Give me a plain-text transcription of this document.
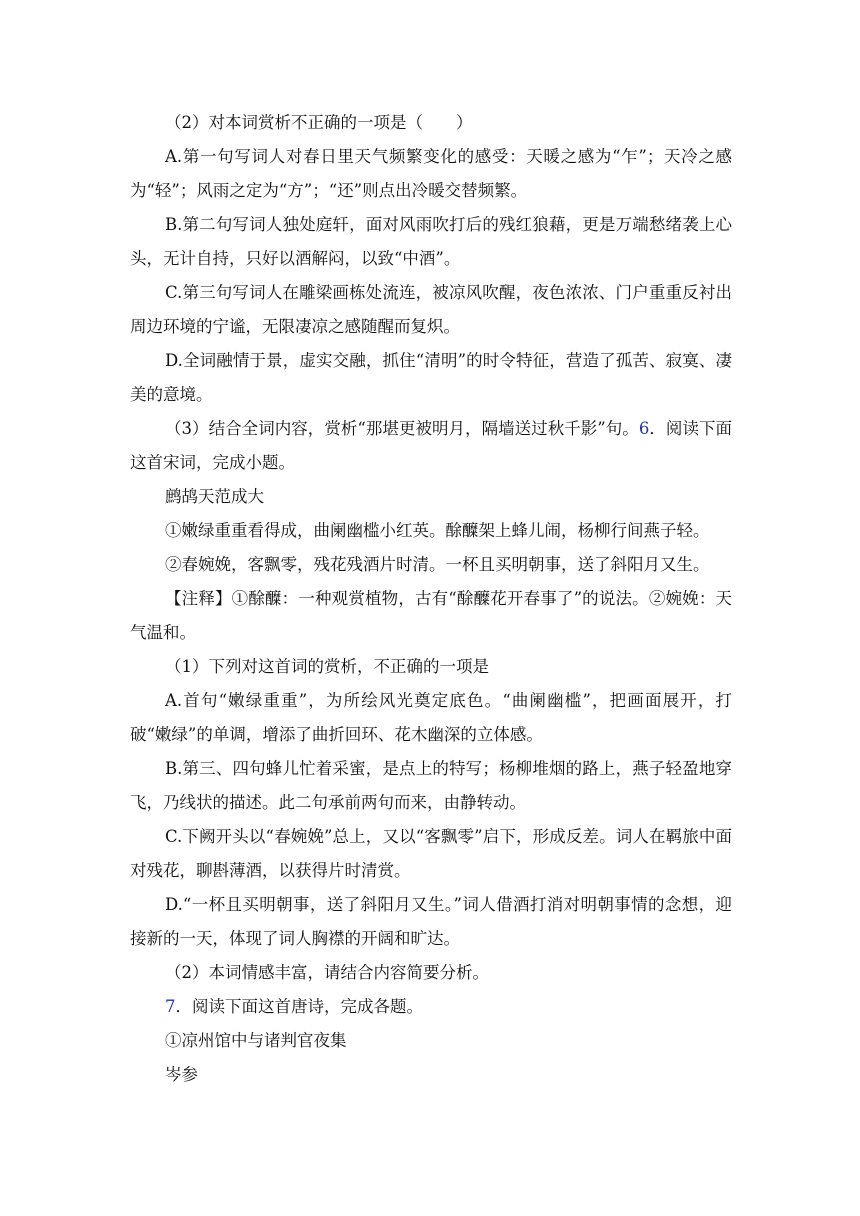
（2）对本词赏析不正确的一项是（　　）

A.第一句写词人对春日里天气频繁变化的感受：天暖之感为“乍”；天冷之感为“轻”；风雨之定为“方”；“还”则点出冷暖交替频繁。

B.第二句写词人独处庭轩，面对风雨吹打后的残红狼藉，更是万端愁绪袭上心头，无计自持，只好以酒解闷，以致“中酒”。

C.第三句写词人在雕梁画栋处流连，被凉风吹醒，夜色浓浓、门户重重反衬出周边环境的宁谧，无限凄凉之感随醒而复炽。

D.全词融情于景，虚实交融，抓住“清明”的时令特征，营造了孤苦、寂寞、凄美的意境。

（3）结合全词内容，赏析“那堪更被明月，隔墙送过秋千影”句。6．阅读下面这首宋词，完成小题。

鹧鸪天范成大

①嫩绿重重看得成，曲阑幽槛小红英。酴醾架上蜂儿闹，杨柳行间燕子轻。

②春婉娩，客飘零，残花残酒片时清。一杯且买明朝事，送了斜阳月又生。

【注释】①酴醾：一种观赏植物，古有“酴醾花开春事了”的说法。②婉娩：天气温和。

（1）下列对这首词的赏析，不正确的一项是

A.首句“嫩绿重重”，为所绘风光奠定底色。“曲阑幽槛”，把画面展开，打破“嫩绿”的单调，增添了曲折回环、花木幽深的立体感。

B.第三、四句蜂儿忙着采蜜，是点上的特写；杨柳堆烟的路上，燕子轻盈地穿飞，乃线状的描述。此二句承前两句而来，由静转动。

C.下阙开头以“春婉娩”总上，又以“客飘零”启下，形成反差。词人在羁旅中面对残花，聊斟薄酒，以获得片时清赏。

D.“一杯且买明朝事，送了斜阳月又生。”词人借酒打消对明朝事情的念想，迎接新的一天，体现了词人胸襟的开阔和旷达。

（2）本词情感丰富，请结合内容简要分析。

7．阅读下面这首唐诗，完成各题。

①凉州馆中与诸判官夜集

岑参
